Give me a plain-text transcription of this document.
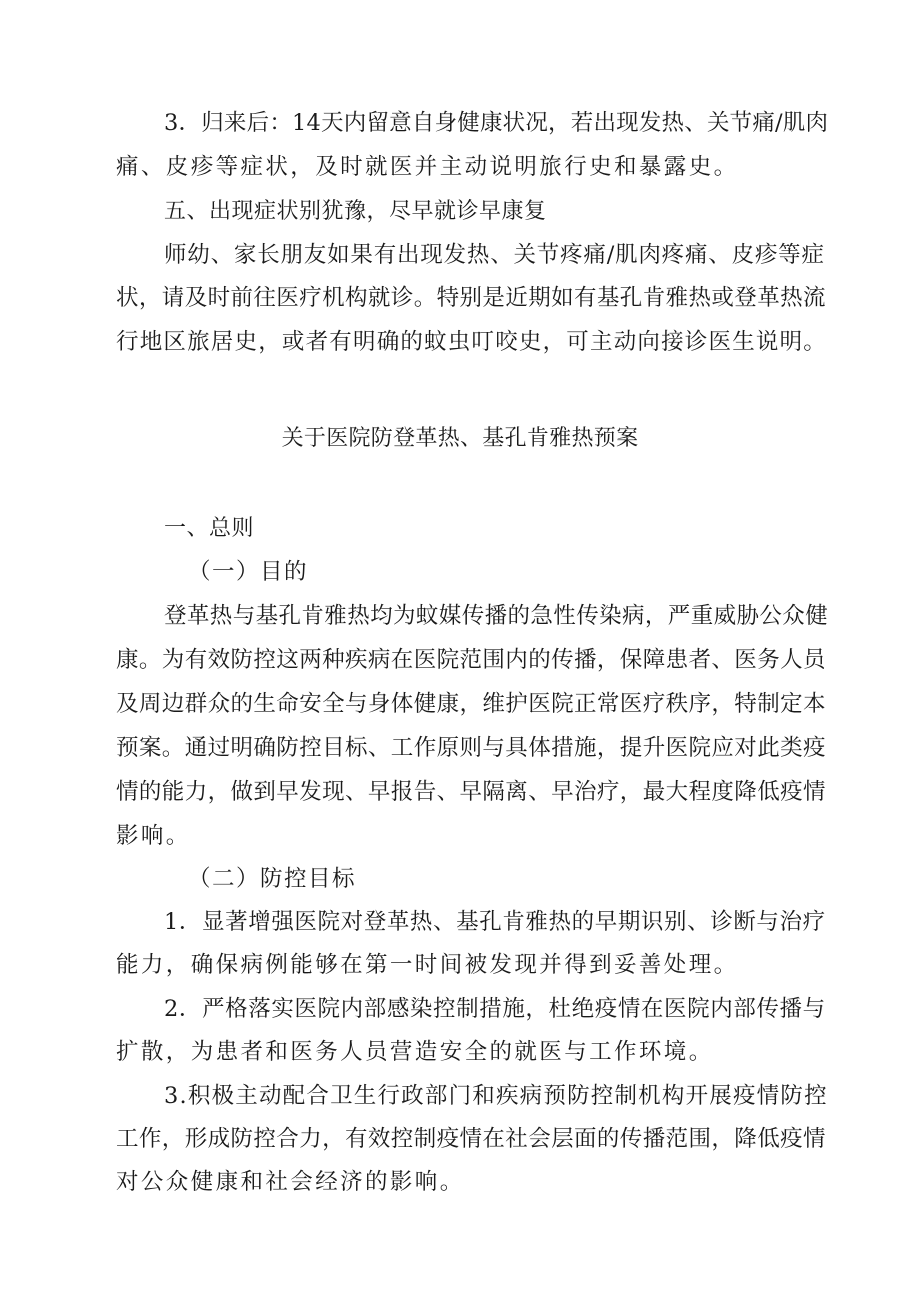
3．归来后：14天内留意自身健康状况，若出现发热、关节痛/肌肉
痛、皮疹等症状，及时就医并主动说明旅行史和暴露史。
五、出现症状别犹豫，尽早就诊早康复
师幼、家长朋友如果有出现发热、关节疼痛/肌肉疼痛、皮疹等症
状，请及时前往医疗机构就诊。特别是近期如有基孔肯雅热或登革热流
行地区旅居史，或者有明确的蚊虫叮咬史，可主动向接诊医生说明。
关于医院防登革热、基孔肯雅热预案
一、总则
（一）目的
登革热与基孔肯雅热均为蚊媒传播的急性传染病，严重威胁公众健
康。为有效防控这两种疾病在医院范围内的传播，保障患者、医务人员
及周边群众的生命安全与身体健康，维护医院正常医疗秩序，特制定本
预案。通过明确防控目标、工作原则与具体措施，提升医院应对此类疫
情的能力，做到早发现、早报告、早隔离、早治疗，最大程度降低疫情
影响。
（二）防控目标
1．显著增强医院对登革热、基孔肯雅热的早期识别、诊断与治疗
能力，确保病例能够在第一时间被发现并得到妥善处理。
2．严格落实医院内部感染控制措施，杜绝疫情在医院内部传播与
扩散，为患者和医务人员营造安全的就医与工作环境。
3.积极主动配合卫生行政部门和疾病预防控制机构开展疫情防控
工作，形成防控合力，有效控制疫情在社会层面的传播范围，降低疫情
对公众健康和社会经济的影响。
